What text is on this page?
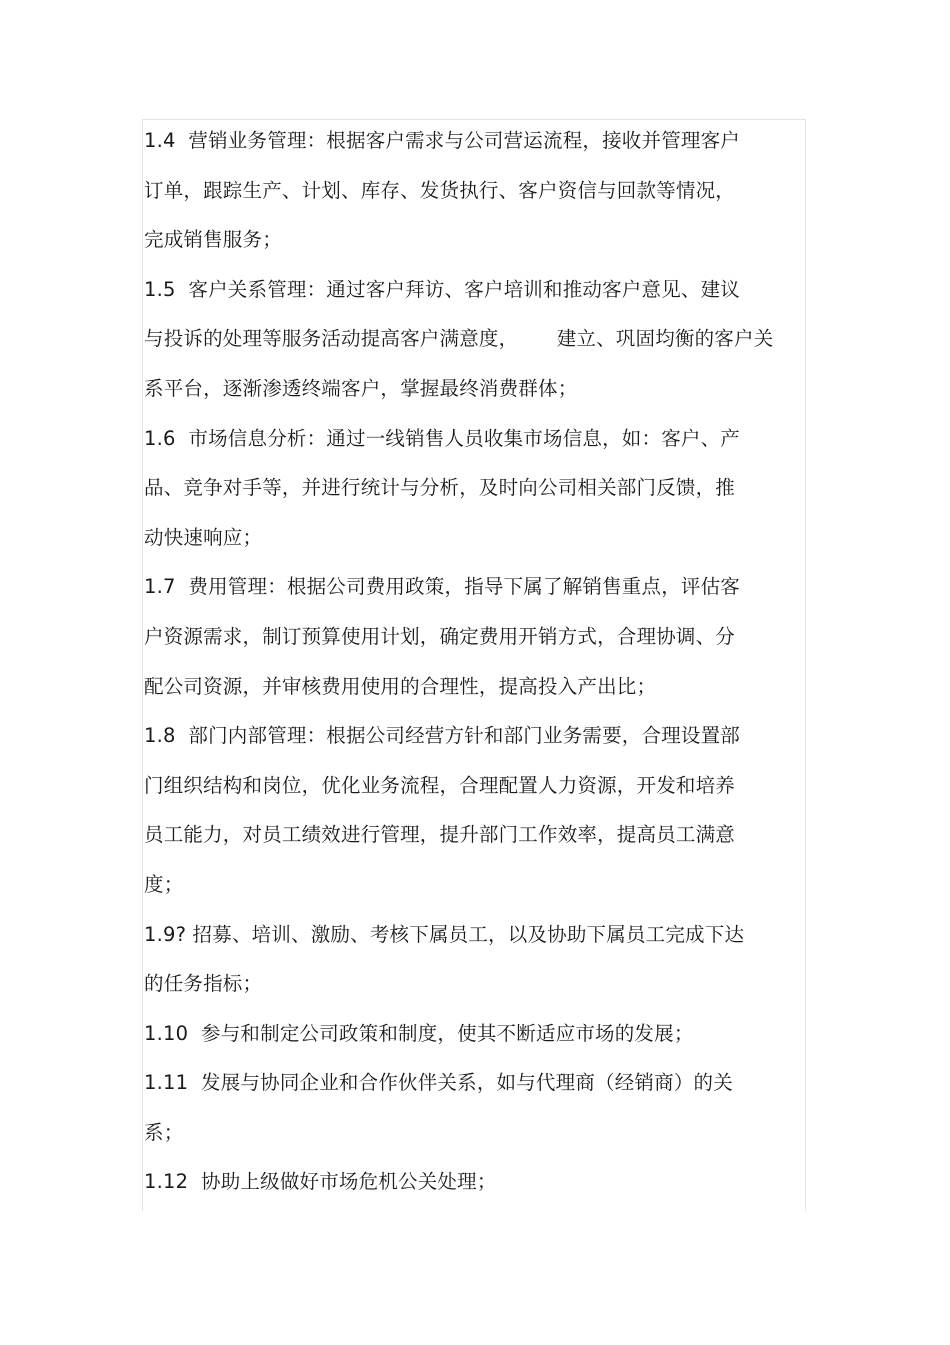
1.4  营销业务管理：根据客户需求与公司营运流程，接收并管理客户
订单，跟踪生产、计划、库存、发货执行、客户资信与回款等情况，
完成销售服务；
1.5  客户关系管理：通过客户拜访、客户培训和推动客户意见、建议
与投诉的处理等服务活动提高客户满意度，      建立、巩固均衡的客户关
系平台，逐渐渗透终端客户，掌握最终消费群体；
1.6  市场信息分析：通过一线销售人员收集市场信息，如：客户、产
品、竞争对手等，并进行统计与分析，及时向公司相关部门反馈，推
动快速响应；
1.7  费用管理：根据公司费用政策，指导下属了解销售重点，评估客
户资源需求，制订预算使用计划，确定费用开销方式，合理协调、分
配公司资源，并审核费用使用的合理性，提高投入产出比；
1.8  部门内部管理：根据公司经营方针和部门业务需要，合理设置部
门组织结构和岗位，优化业务流程，合理配置人力资源，开发和培养
员工能力，对员工绩效进行管理，提升部门工作效率，提高员工满意
度；
1.9? 招募、培训、激励、考核下属员工，以及协助下属员工完成下达
的任务指标；
1.10  参与和制定公司政策和制度，使其不断适应市场的发展；
1.11  发展与协同企业和合作伙伴关系，如与代理商（经销商）的关
系；
1.12  协助上级做好市场危机公关处理；
